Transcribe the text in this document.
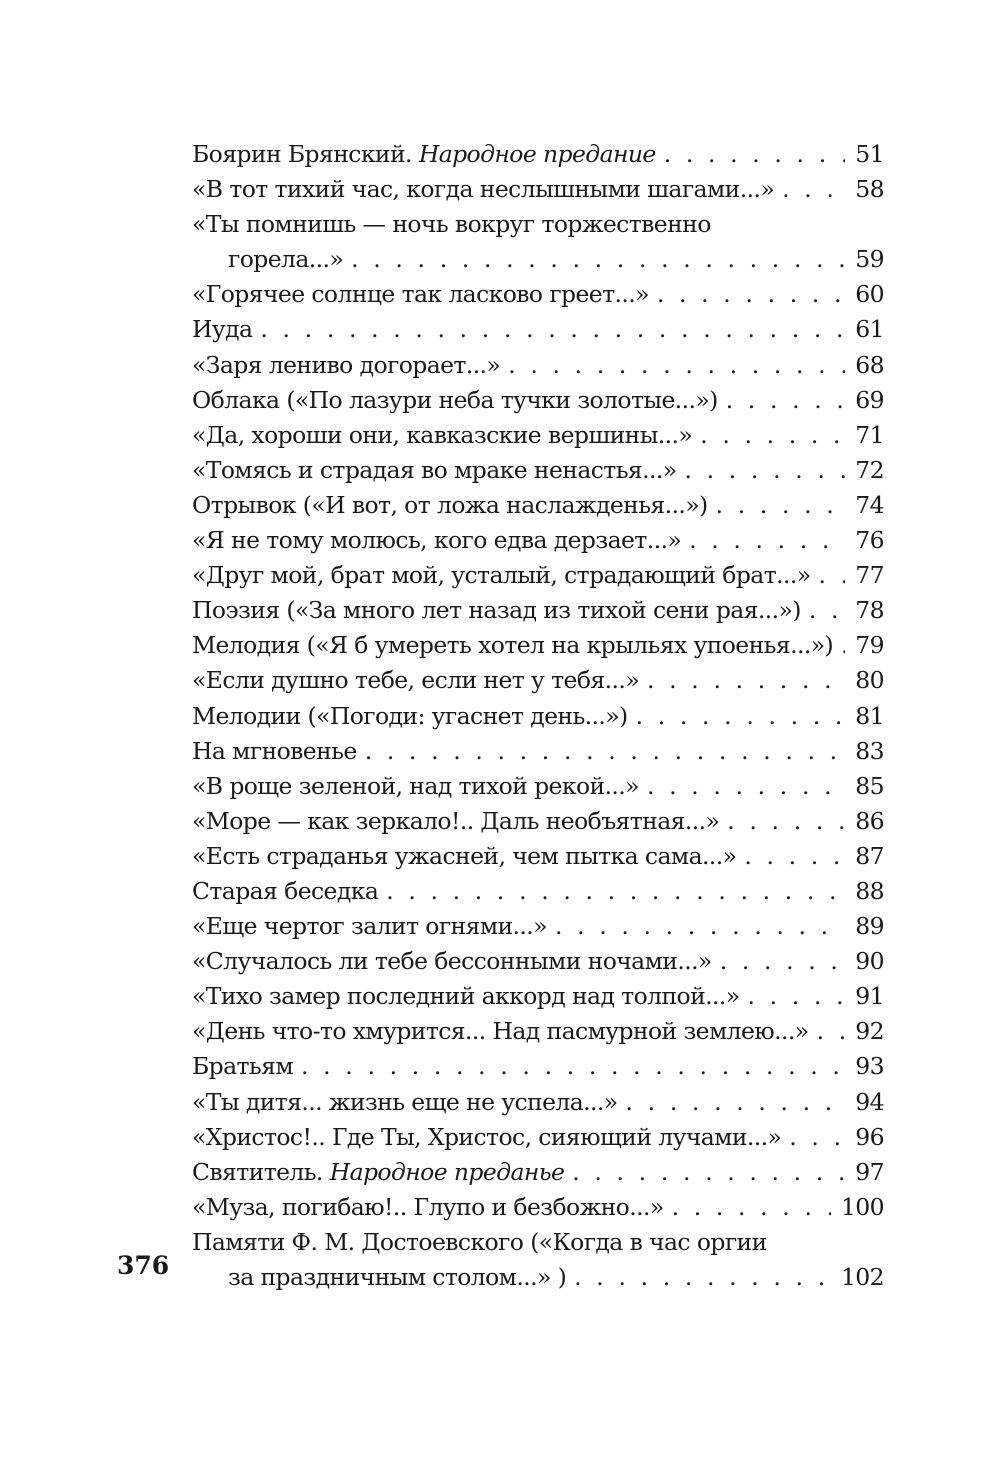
Боярин Брянский. Народное предание . . .	51
«В тот тихий час, когда неслышными шагами...» . . .	58
«Ты помнишь — ночь вокруг торжественно
горела...» . . .	59
«Горячее солнце так ласково греет...» . . .	60
Иуда . . .	61
«Заря лениво догорает...» . . .	68
Облака («По лазури неба тучки золотые...») . . .	69
«Да, хороши они, кавказские вершины...» . . .	71
«Томясь и страдая во мраке ненастья...» . . .	72
Отрывок («И вот, от ложа наслажденья...») . . .	74
«Я не тому молюсь, кого едва дерзает...» . . .	76
«Друг мой, брат мой, усталый, страдающий брат...» . . . 77
Поэзия («За много лет назад из тихой сени рая...») . . . 78
Мелодия («Я б умереть хотел на крыльях упоенья...») . . . 79
«Если душно тебе, если нет у тебя...» . . .	80
Мелодии («Погоди: угаснет день...») . . .	81
На мгновенье . . .	83
«В роще зеленой, над тихой рекой...» . . .	85
«Море — как зеркало!.. Даль необъятная...» . . .	86
«Есть страданья ужасней, чем пытка сама...» . . .	87
Старая беседка . . .	88
«Еще чертог залит огнями...» . . .	89
«Случалось ли тебе бессонными ночами...» . . .	90
«Тихо замер последний аккорд над толпой...» . . .	91
«День что-то хмурится... Над пасмурной землею...» . . . 92
Братьям . . .	93
«Ты дитя... жизнь еще не успела...» . . .	94
«Христос!.. Где Ты, Христос, сияющий лучами...» . . .	96
Святитель. Народное преданье . . .	97
«Муза, погибаю!.. Глупо и безбожно...» . . .	100
Памяти Ф. М. Достоевского («Когда в час оргии
за праздничным столом...» ) . . .	102
376
